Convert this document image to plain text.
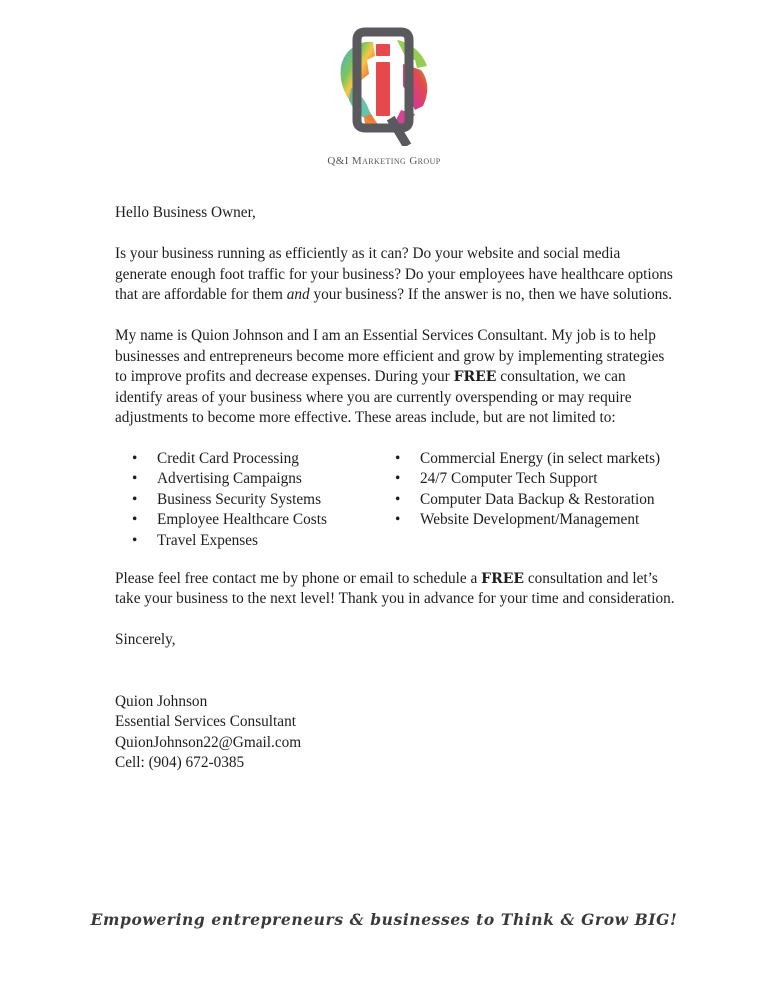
Q&I Marketing Group

Hello Business Owner,

Is your business running as efficiently as it can? Do your website and social media generate enough foot traffic for your business? Do your employees have healthcare options that are affordable for them and your business? If the answer is no, then we have solutions.

My name is Quion Johnson and I am an Essential Services Consultant. My job is to help businesses and entrepreneurs become more efficient and grow by implementing strategies to improve profits and decrease expenses. During your FREE consultation, we can identify areas of your business where you are currently overspending or may require adjustments to become more effective. These areas include, but are not limited to:

• Credit Card Processing
• Advertising Campaigns
• Business Security Systems
• Employee Healthcare Costs
• Travel Expenses
• Commercial Energy (in select markets)
• 24/7 Computer Tech Support
• Computer Data Backup & Restoration
• Website Development/Management

Please feel free contact me by phone or email to schedule a FREE consultation and let’s take your business to the next level! Thank you in advance for your time and consideration.

Sincerely,

Quion Johnson

Essential Services Consultant

QuionJohnson22@Gmail.com

Cell: (904) 672-0385

Empowering entrepreneurs & businesses to Think & Grow BIG!
